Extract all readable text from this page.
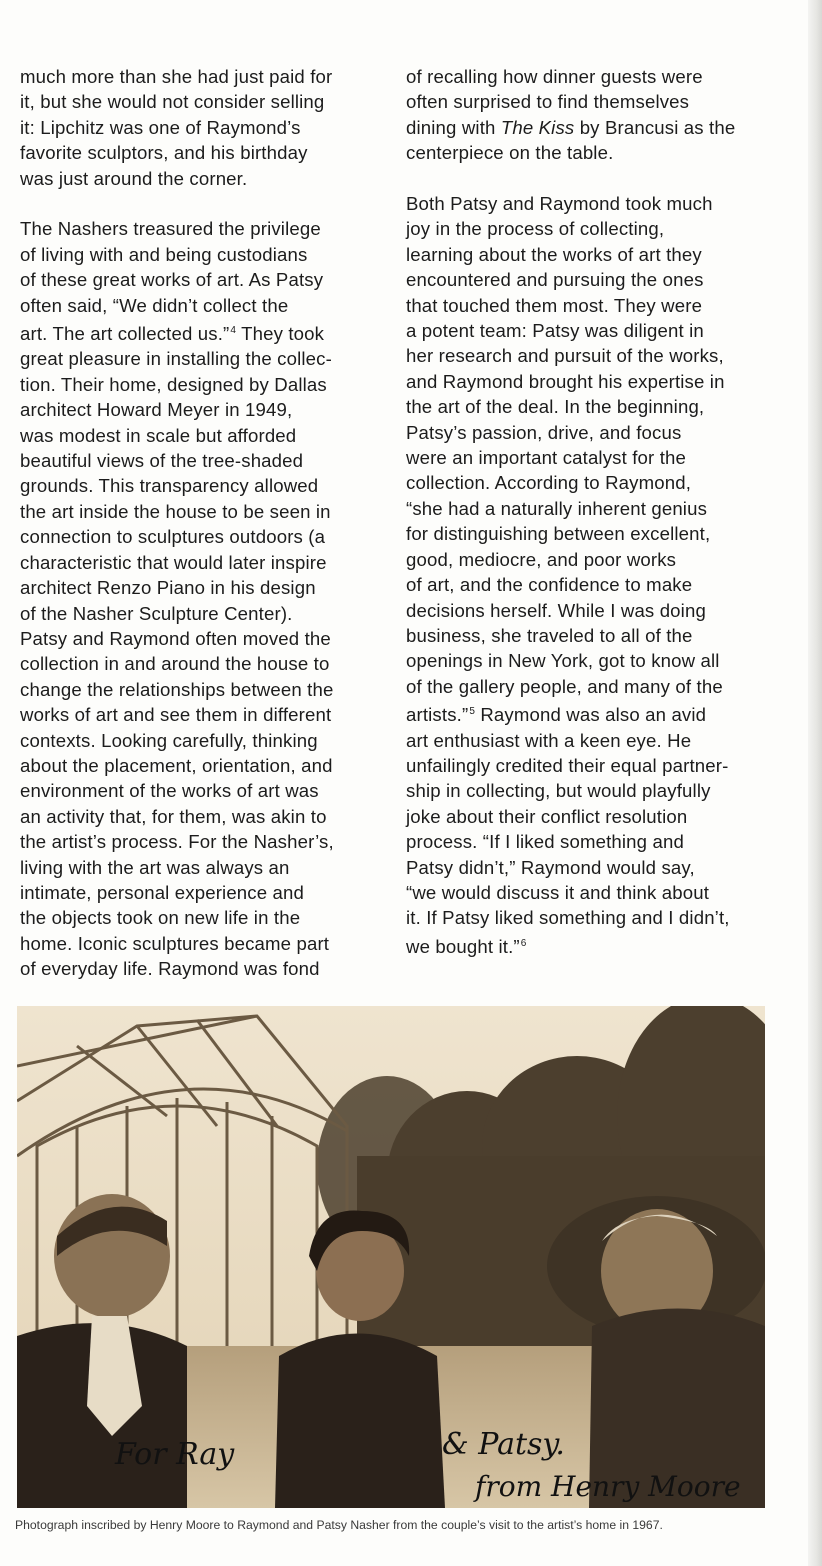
much more than she had just paid for
it, but she would not consider selling
it: Lipchitz was one of Raymond’s
favorite sculptors, and his birthday
was just around the corner.

The Nashers treasured the privilege
of living with and being custodians
of these great works of art. As Patsy
often said, “We didn’t collect the
art. The art collected us.”$^4$ They took
great pleasure in installing the collec-
tion. Their home, designed by Dallas
architect Howard Meyer in 1949,
was modest in scale but afforded
beautiful views of the tree-shaded
grounds. This transparency allowed
the art inside the house to be seen in
connection to sculptures outdoors (a
characteristic that would later inspire
architect Renzo Piano in his design
of the Nasher Sculpture Center).
Patsy and Raymond often moved the
collection in and around the house to
change the relationships between the
works of art and see them in different
contexts. Looking carefully, thinking
about the placement, orientation, and
environment of the works of art was
an activity that, for them, was akin to
the artist’s process. For the Nasher’s,
living with the art was always an
intimate, personal experience and
the objects took on new life in the
home. Iconic sculptures became part
of everyday life. Raymond was fond

of recalling how dinner guests were
often surprised to find themselves
dining with The Kiss by Brancusi as the
centerpiece on the table.

Both Patsy and Raymond took much
joy in the process of collecting,
learning about the works of art they
encountered and pursuing the ones
that touched them most. They were
a potent team: Patsy was diligent in
her research and pursuit of the works,
and Raymond brought his expertise in
the art of the deal. In the beginning,
Patsy’s passion, drive, and focus
were an important catalyst for the
collection. According to Raymond,
“she had a naturally inherent genius
for distinguishing between excellent,
good, mediocre, and poor works
of art, and the confidence to make
decisions herself. While I was doing
business, she traveled to all of the
openings in New York, got to know all
of the gallery people, and many of the
artists.”$^5$ Raymond was also an avid
art enthusiast with a keen eye. He
unfailingly credited their equal partner-
ship in collecting, but would playfully
joke about their conflict resolution
process. “If I liked something and
Patsy didn’t,” Raymond would say,
“we would discuss it and think about
it. If Patsy liked something and I didn’t,
we bought it.”$^6$

For Ray	& Patsy.
from Henry Moore
Photograph inscribed by Henry Moore to Raymond and Patsy Nasher from the couple’s visit to the artist’s home in 1967.
